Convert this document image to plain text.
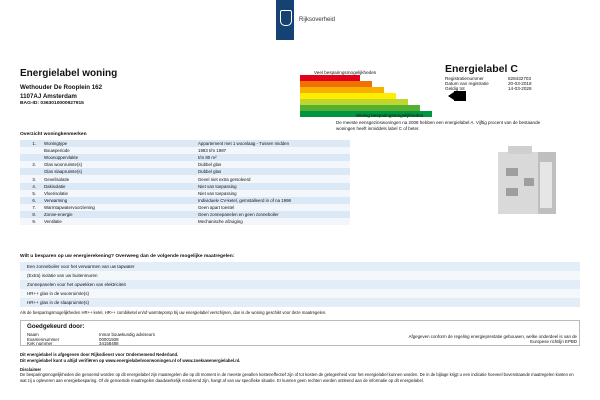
Rijksoverheid
Energielabel woning
Wethouder De Rooplein 162
1107AJ Amsterdam
BAG-ID: 0363010000927915
Veel besparingsmogelijkheden
Weinig besparingsmogelijkheden
Energielabel C
Registratienummer	828432703
Datum van registratie	20-03-2018
Geldig tot	14-03-2028
De meeste eensgezinswoningen na 2008 hebben een energielabel A. Vijftig procent van de bestaande woningen heeft inmiddels label C of beter.
Overzicht woningkenmerken
1.	Woningtype	Appartement met 1 woonlaag - Tussen midden
	Bouwperiode	1983 t/m 1987
	Woonoppervlakte	t/m 80 m²
2.	Glas woonruimte(s)	Dubbel glas
	Glas slaapruimte(s)	Dubbel glas
3.	Gevelisolatie	Gevel niet extra geïsoleerd
4.	Dakisolatie	Niet van toepassing
5.	Vloerisolatie	Niet van toepassing
6.	Verwarming	Individuele CV-ketel, geïnstalleerd in of na 1998
7.	Warmtapwatervoorziening	Geen apart toestel
8.	Zonne-energie	Geen zonnepanelen en geen zonneboiler
9.	Ventilatie	Mechanische afzuiging
Wilt u besparen op uw energierekening? Overweeg dan de volgende mogelijke maatregelen:
Een zonneboiler voor het verwarmen van uw tapwater
(Extra) isolatie van uw buitenmuren
Zonnepanelen voor het opwekken van elektriciteit
HR++ glas in de woonruimte(s)
HR++ glas in de slaapruimte(s)
Als de besparingsmogelijkheden HR++ ketel, HR++ combiketel en/of warmtepomp bij uw energielabel verschijnen, dan is de woning geschikt voor deze maatregelen.
Goedgekeurd door:
Naam	Inmar bouwkundig adviseurs
Examennummer	00001508
KvK nummer	34158488
Afgegeven conform de regeling energieprestatie gebouwen, welke onderdeel is van de Europese richtlijn EPBD
Dit energielabel is afgegeven door Rijksdienst voor Ondernemend Nederland.
Dit energielabel kunt u altijd verifiëren op www.energielabelvoorwoningen.nl of www.zoekuwenergielabel.nl.
Disclaimer
De besparingsmogelijkheden die genoemd worden op dit energielabel zijn maatregelen die op dit moment in de meeste gevallen kosteneffectief zijn of tot kosten de gelegenheid voor het energielabel kunnen worden. De in de bijlage krijgt u een indicatie hoeveel bovenstaande maatregelen kosten en wat zij u opleveren aan energiebesparing. Of de genoemde maatregelen daadwerkelijk renderend zijn, hangt af van uw specifieke situatie. Er kunnen geen rechten worden ontleend aan de informatie op dit energielabel.
